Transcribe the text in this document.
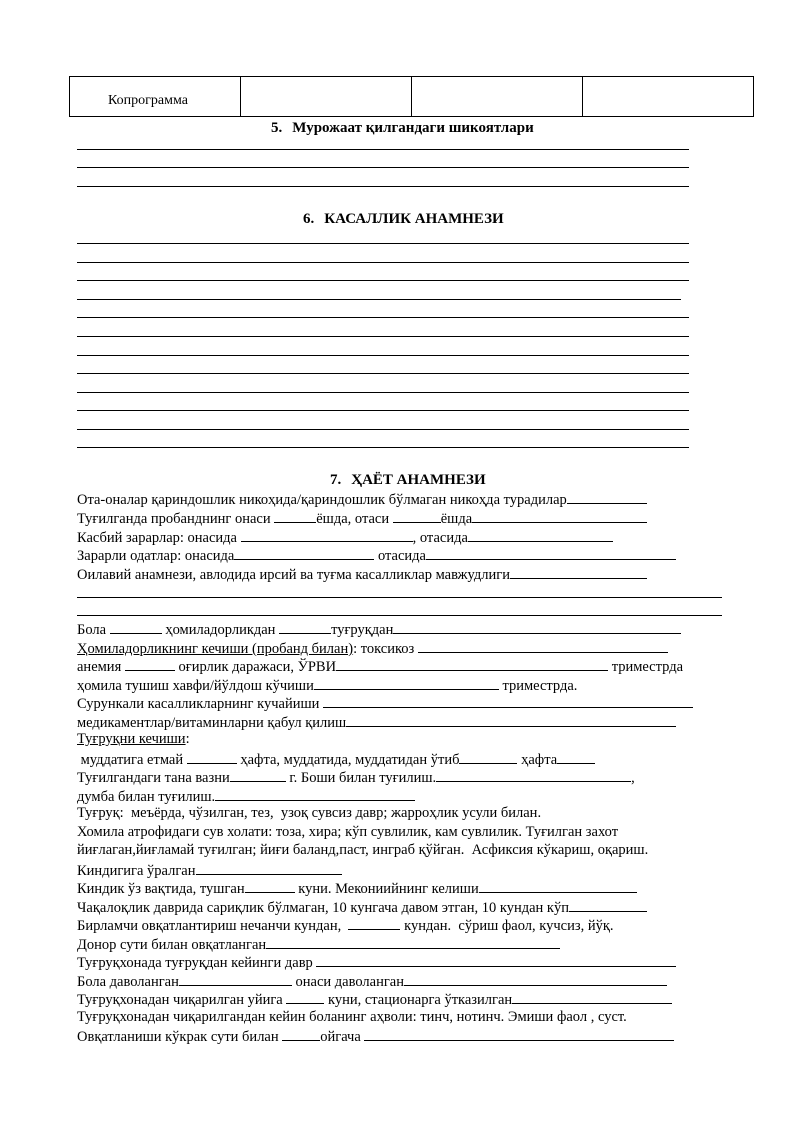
Копрограмма			
5. Мурожаат қилгандаги шикоятлари
6. КАСАЛЛИК АНАМНЕЗИ
7. ҲАЁТ АНАМНЕЗИ
Ота-оналар қариндошлик никоҳида/қариндошлик бўлмаган никоҳда турадилар
Туғилганда пробанднинг онаси	ёшда, отаси	ёшда
Касбий зарарлар: онасида	, отасида
Зарарли одатлар: онасида	отасида
Оилавий анамнези, авлодида ирсий ва туғма касалликлар мавжудлиги
Бола	ҳомиладорликдан	туғруқдан
Ҳомиладорликнинг кечиши (пробанд билан): токсикоз
анемия	оғирлик даражаси, ЎРВИ	триместрда
ҳомила тушиш хавфи/йўлдош кўчиши	триместрда.
Сурункали касалликларнинг кучайиши
медикаментлар/витаминларни қабул қилиш
Туғруқни кечиши:
муддатига етмай	ҳафта, муддатида, муддатидан ўтиб	ҳафта
Туғилгандаги тана вазни	г. Боши билан туғилиш.	,
думба билан туғилиш.
Туғруқ:  меъёрда, чўзилган, тез,  узоқ сувсиз давр; жарроҳлик усули билан.
Хомила атрофидаги сув холати: тоза, хира; кўп сувлилик, кам сувлилик. Туғилган захот
йиғлаган,йиғламай туғилган; йиғи баланд,паст, инграб қўйган.  Асфиксия кўкариш, оқариш.
Киндигига ўралган
Киндик ўз вақтида, тушган	куни. Мекониийнинг келиши
Чақалоқлик даврида сариқлик бўлмаган, 10 кунгача давом этган, 10 кундан кўп
Бирламчи овқатлантириш нечанчи кундан,	кундан.  сўриш фаол, кучсиз, йўқ.
Донор сути билан овқатланган
Туғруқхонада туғруқдан кейинги давр
Бола даволанган	онаси даволанган
Туғруқхонадан чиқарилган уйига	куни, стационарга ўтказилган
Туғруқхонадан чиқарилгандан кейин боланинг аҳволи: тинч, нотинч. Эмиши фаол , суст.
Овқатланиши кўкрак сути билан	ойгача
